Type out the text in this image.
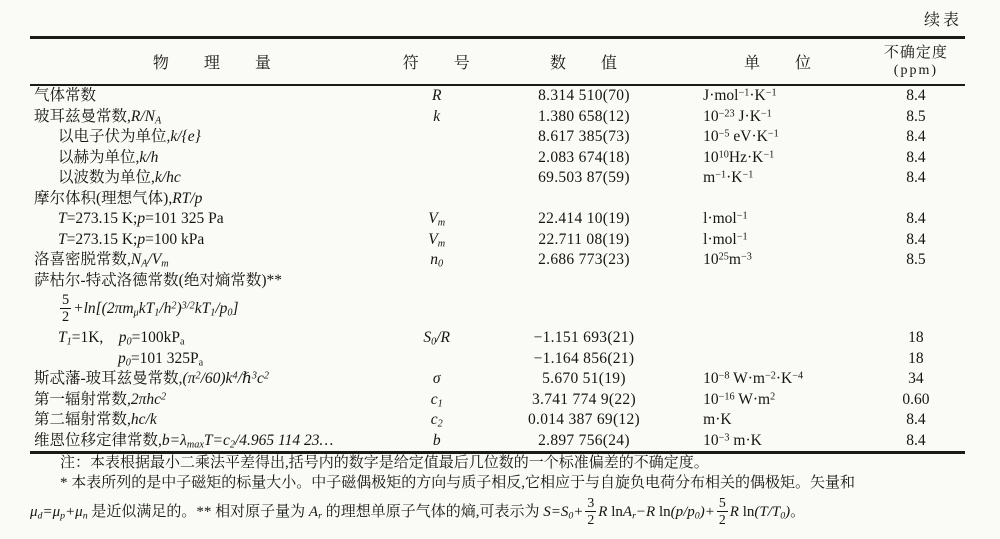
续表
物　　理　　量	符　　号	数　　值	单　　位	不确定度
(ppm)

气体常数	R	8.314 510(70)	$J\cdot mol^{-1}\cdot K^{-1}$	8.4
玻耳兹曼常数$,R/N_A$	k	1.380 658(12)	$10^{-23}$ $J\cdot K^{-1}$	8.5
以电子伏为单位,k/{e}		8.617 385(73)	$10^{-5}$ $eV\cdot K^{-1}$	8.4
以赫为单位,k/h		2.083 674(18)	$10^{10}Hz\cdot K^{-1}$	8.4
以波数为单位,k/hc		69.503 87(59)	$m^{-1}\cdot K^{-1}$	8.4
摩尔体积(理想气体),RT/p				
T=273.15 K;p=101 325 Pa	$V_m$	22.414 10(19)	l·mol$^{-1}$	8.4
T=273.15 K;p=100 kPa	$V_m$	22.711 08(19)	l·mol$^{-1}$	8.4
洛喜密脱常数$,N_A/V_m$	$n_0$	2.686 773(23)	$10^{25}m^{-3}$	8.5
萨枯尔-特忒洛德常数(绝对熵常数)**				

$\frac{5}{2} +\ln[(2\pi m_\mu kT_1/h^2)^{3/2}kT_1/p_0]$				
$T_1=1K$,　$p_0=100kP_a$	$S_0/R$	−1.151 693(21)		18
$p_0=101$ $325P_a$		−1.164 856(21)		18
斯忒藩-玻耳兹曼常数$,(\pi^2/60)k^4/\hbar^3c^2$	σ	5.670 51(19)	$10^{-8}$ $W\cdot m^{-2}\cdot K^{-4}$	34
第一辐射常数,2πhc$^2$	$c_1$	3.741 774 9(22)	$10^{-16}$ $W\cdot m^2$	0.60
第二辐射常数,hc/k	$c_2$	0.014 387 69(12)	m·K	8.4
维恩位移定律常数$,b=\lambda_{max}T=c_2/4.965$ 114 23…	b	2.897 756(24)	$10^{-3}$ m·K	8.4
注：本表根据最小二乘法平差得出,括号内的数字是给定值最后几位数的一个标准偏差的不确定度。
* 本表所列的是中子磁矩的标量大小。中子磁偶极矩的方向与质子相反,它相应于与自旋负电荷分布相关的偶极矩。矢量和
$\mu_d=\mu_p+\mu_n$ 是近似满足的。** 相对原子量为 $A_r$ 的理想单原子气体的熵,可表示为 $S=S_0+ \frac{3}{2}$ R lnA$_r$−R $\ln(p/p_0)+ \frac{5}{2}$ R $\ln(T/T_0)$。
